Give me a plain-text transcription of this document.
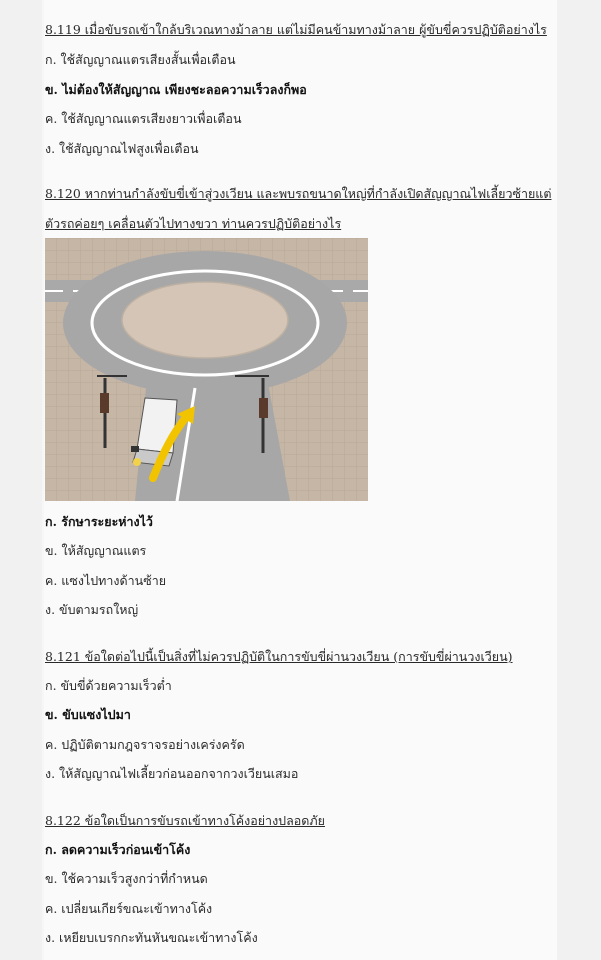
8.119 เมื่อขับรถเข้าใกล้บริเวณทางม้าลาย แต่ไม่มีคนข้ามทางม้าลาย ผู้ขับขี่ควรปฏิบัติอย่างไร
ก. ใช้สัญญาณแตรเสียงสั้นเพื่อเตือน
ข. ไม่ต้องให้สัญญาณ เพียงชะลอความเร็วลงก็พอ
ค. ใช้สัญญาณแตรเสียงยาวเพื่อเตือน
ง. ใช้สัญญาณไฟสูงเพื่อเตือน
8.120 หากท่านกำลังขับขี่เข้าสู่วงเวียน และพบรถขนาดใหญ่ที่กำลังเปิดสัญญาณไฟเลี้ยวซ้ายแต่ตัวรถค่อยๆ เคลื่อนตัวไปทางขวา ท่านควรปฏิบัติอย่างไร
ก. รักษาระยะห่างไว้
ข. ให้สัญญาณแตร
ค. แซงไปทางด้านซ้าย
ง. ขับตามรถใหญ่
8.121 ข้อใดต่อไปนี้เป็นสิ่งที่ไม่ควรปฏิบัติในการขับขี่ผ่านวงเวียน (การขับขี่ผ่านวงเวียน)
ก. ขับขี่ด้วยความเร็วต่ำ
ข. ขับแซงไปมา
ค. ปฏิบัติตามกฎจราจรอย่างเคร่งครัด
ง. ให้สัญญาณไฟเลี้ยวก่อนออกจากวงเวียนเสมอ
8.122 ข้อใดเป็นการขับรถเข้าทางโค้งอย่างปลอดภัย
ก. ลดความเร็วก่อนเข้าโค้ง
ข. ใช้ความเร็วสูงกว่าที่กำหนด
ค. เปลี่ยนเกียร์ขณะเข้าทางโค้ง
ง. เหยียบเบรกกะทันหันขณะเข้าทางโค้ง
